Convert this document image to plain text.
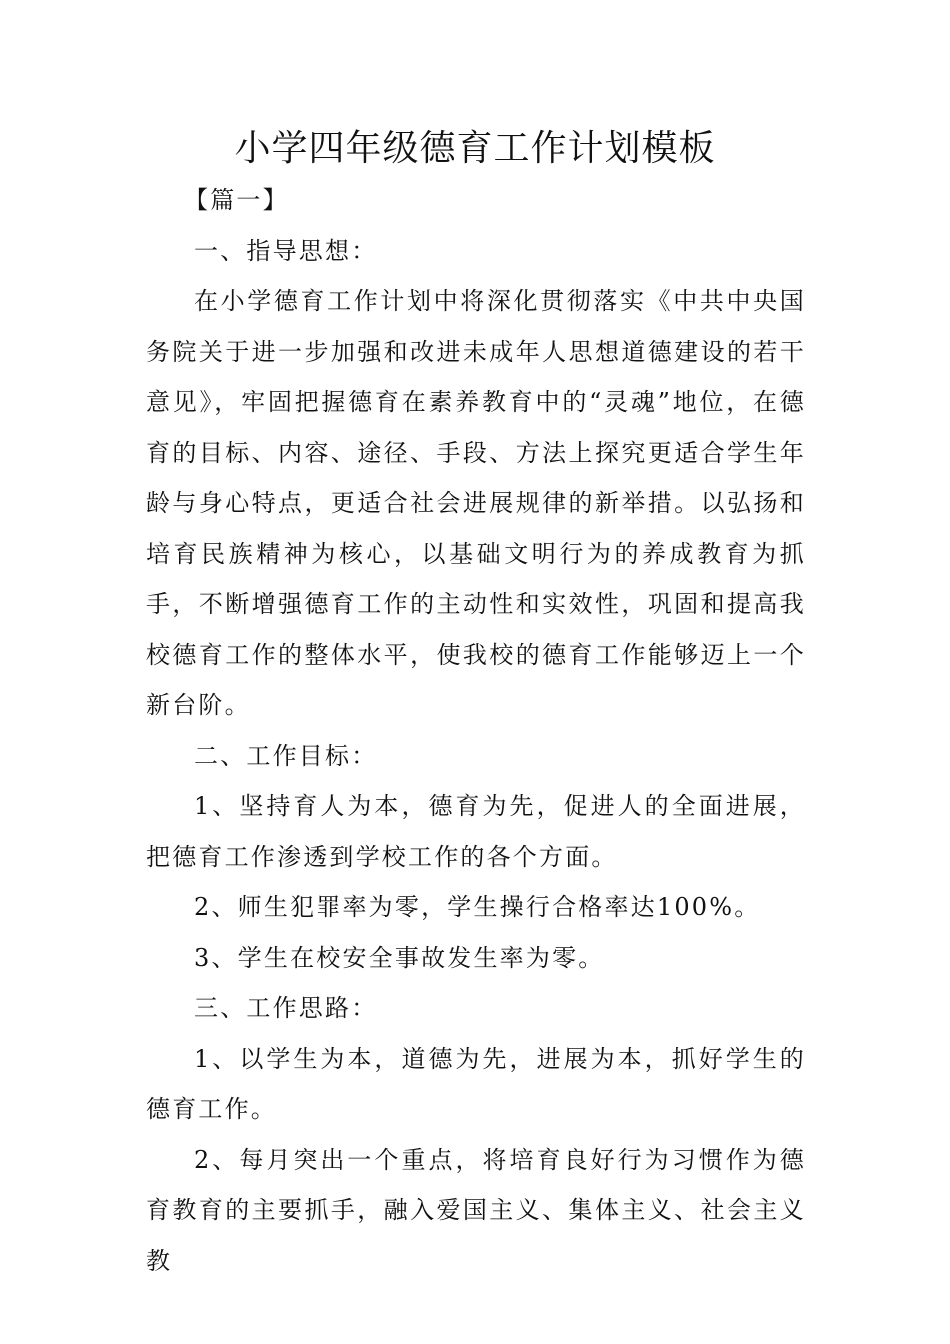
小学四年级德育工作计划模板

【篇一】

一、指导思想：

在小学德育工作计划中将深化贯彻落实《中共中央国务院关于进一步加强和改进未成年人思想道德建设的若干意见》，牢固把握德育在素养教育中的“灵魂”地位，在德育的目标、内容、途径、手段、方法上探究更适合学生年龄与身心特点，更适合社会进展规律的新举措。以弘扬和培育民族精神为核心，以基础文明行为的养成教育为抓手，不断增强德育工作的主动性和实效性，巩固和提高我校德育工作的整体水平，使我校的德育工作能够迈上一个新台阶。

二、工作目标：

1、坚持育人为本，德育为先，促进人的全面进展，把德育工作渗透到学校工作的各个方面。

2、师生犯罪率为零，学生操行合格率达100%。

3、学生在校安全事故发生率为零。

三、工作思路：

1、以学生为本，道德为先，进展为本，抓好学生的德育工作。

2、每月突出一个重点，将培育良好行为习惯作为德育教育的主要抓手，融入爱国主义、集体主义、社会主义教
